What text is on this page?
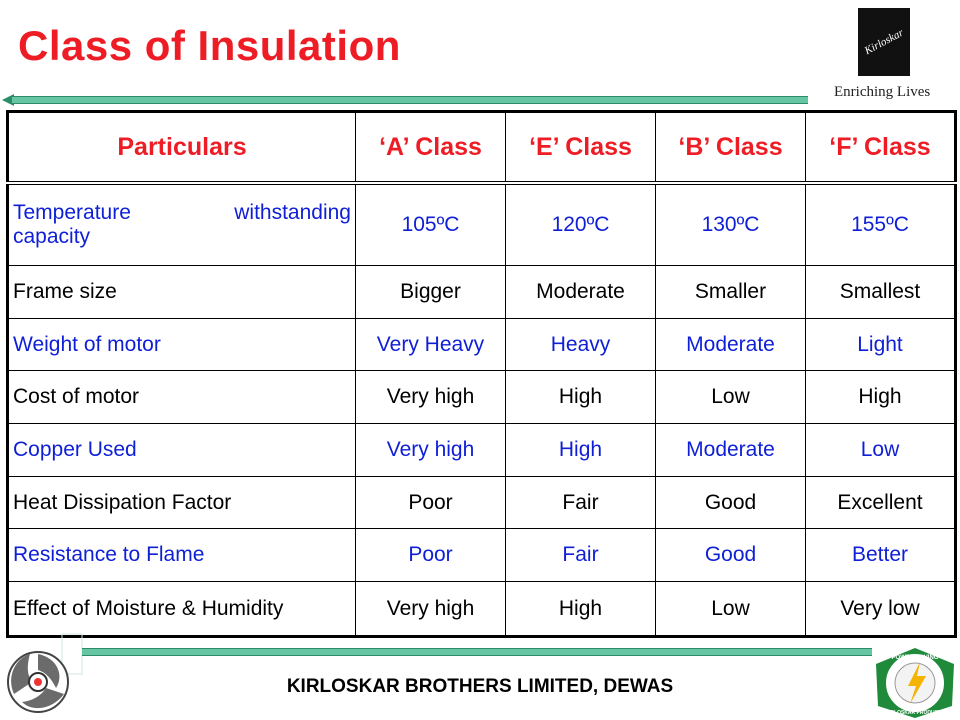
Class of Insulation	Kirloskar
Enriching Lives
Particulars	‘A’ Class	‘E’ Class	‘B’ Class	‘F’ Class

Temperature withstanding
capacity	105ºC	120ºC	130ºC	155ºC
Frame size	Bigger	Moderate	Smaller	Smallest
Weight of motor	Very Heavy	Heavy	Moderate	Light
Cost of motor	Very high	High	Low	High
Copper Used	Very high	High	Moderate	Low
Heat Dissipation Factor	Poor	Fair	Good	Excellent
Resistance to Flame	Poor	Fair	Good	Better
Effect of Moisture & Humidity	Very high	High	Low	Very low
KIRLOSKAR BROTHERS LIMITED, DEWAS
POWER SAVING
KIRLOSKAR PRODUCTS
